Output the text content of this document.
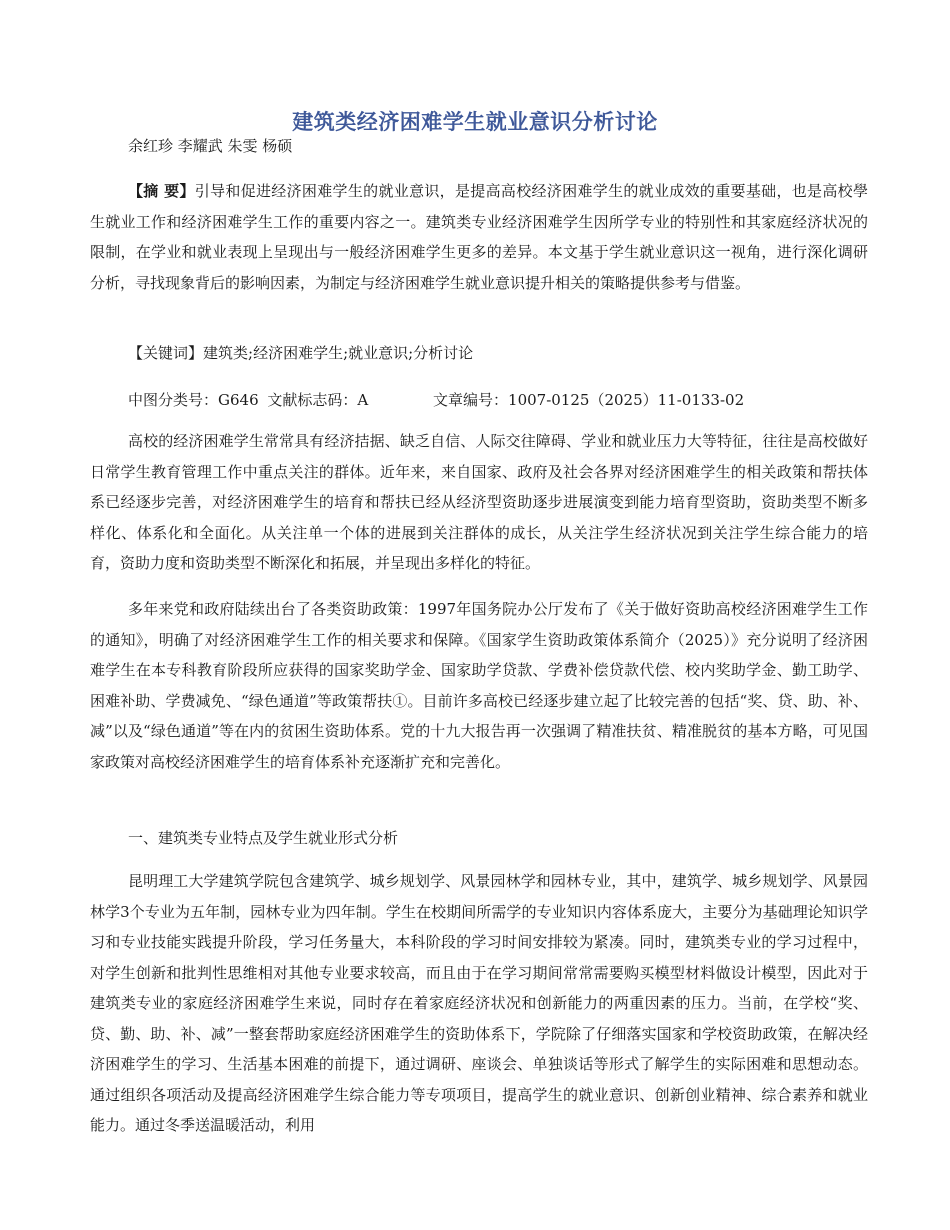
建筑类经济困难学生就业意识分析讨论
余红珍 李耀武 朱雯 杨硕

【摘 要】引导和促进经济困难学生的就业意识，是提高高校经济困难学生的就业成效的重要基础，也是高校學生就业工作和经济困难学生工作的重要内容之一。建筑类专业经济困难学生因所学专业的特别性和其家庭经济状况的限制，在学业和就业表现上呈现出与一般经济困难学生更多的差异。本文基于学生就业意识这一视角，进行深化调研分析，寻找现象背后的影响因素，为制定与经济困难学生就业意识提升相关的策略提供参考与借鉴。

【关键词】建筑类;经济困难学生;就业意识;分析讨论

中图分类号：G646 文献标志码：A	文章编号：1007-0125（2025）11-0133-02

高校的经济困难学生常常具有经济拮据、缺乏自信、人际交往障碍、学业和就业压力大等特征，往往是高校做好日常学生教育管理工作中重点关注的群体。近年来，来自国家、政府及社会各界对经济困难学生的相关政策和帮扶体系已经逐步完善，对经济困难学生的培育和帮扶已经从经济型资助逐步进展演变到能力培育型资助，资助类型不断多样化、体系化和全面化。从关注单一个体的进展到关注群体的成长，从关注学生经济状况到关注学生综合能力的培育，资助力度和资助类型不断深化和拓展，并呈现出多样化的特征。

多年来党和政府陆续出台了各类资助政策：1997年国务院办公厅发布了《关于做好资助高校经济困难学生工作的通知》，明确了对经济困难学生工作的相关要求和保障。《国家学生资助政策体系简介（2025）》充分说明了经济困难学生在本专科教育阶段所应获得的国家奖助学金、国家助学贷款、学费补偿贷款代偿、校内奖助学金、勤工助学、困难补助、学费减免、“绿色通道”等政策帮扶①。目前许多高校已经逐步建立起了比较完善的包括“奖、贷、助、补、减”以及“绿色通道”等在内的贫困生资助体系。党的十九大报告再一次强调了精准扶贫、精准脱贫的基本方略，可见国家政策对高校经济困难学生的培育体系补充逐渐扩充和完善化。

一、建筑类专业特点及学生就业形式分析

昆明理工大学建筑学院包含建筑学、城乡规划学、风景园林学和园林专业，其中，建筑学、城乡规划学、风景园林学3个专业为五年制，园林专业为四年制。学生在校期间所需学的专业知识内容体系庞大，主要分为基础理论知识学习和专业技能实践提升阶段，学习任务量大，本科阶段的学习时间安排较为紧凑。同时，建筑类专业的学习过程中，对学生创新和批判性思维相对其他专业要求较高，而且由于在学习期间常常需要购买模型材料做设计模型，因此对于建筑类专业的家庭经济困难学生来说，同时存在着家庭经济状况和创新能力的两重因素的压力。当前，在学校“奖、贷、勤、助、补、减”一整套帮助家庭经济困难学生的资助体系下，学院除了仔细落实国家和学校资助政策，在解决经济困难学生的学习、生活基本困难的前提下，通过调研、座谈会、单独谈话等形式了解学生的实际困难和思想动态。通过组织各项活动及提高经济困难学生综合能力等专项项目，提高学生的就业意识、创新创业精神、综合素养和就业能力。通过冬季送温暖活动，利用
